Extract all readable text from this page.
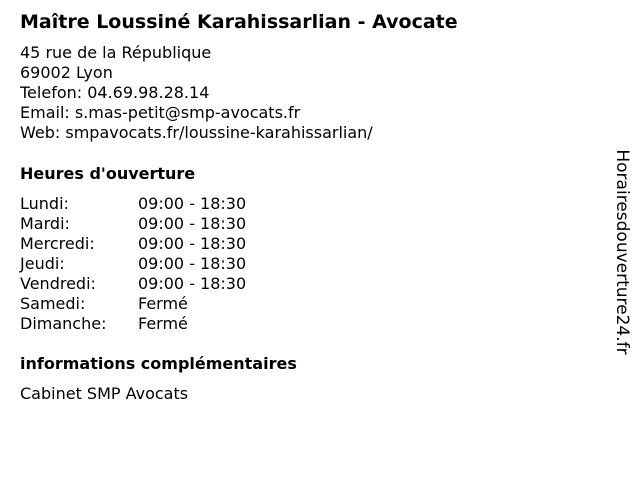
Maître Loussiné Karahissarlian - Avocate
45 rue de la République
69002 Lyon
Telefon: 04.69.98.28.14
Email: s.mas-petit@smp-avocats.fr
Web: smpavocats.fr/loussine-karahissarlian/
Heures d'ouverture
Lundi:	09:00 - 18:30
Mardi:	09:00 - 18:30
Mercredi:	09:00 - 18:30
Jeudi:	09:00 - 18:30
Vendredi:	09:00 - 18:30
Samedi:	Fermé
Dimanche: Fermé
informations complémentaires
Cabinet SMP Avocats
Horairesdouverture24.fr
